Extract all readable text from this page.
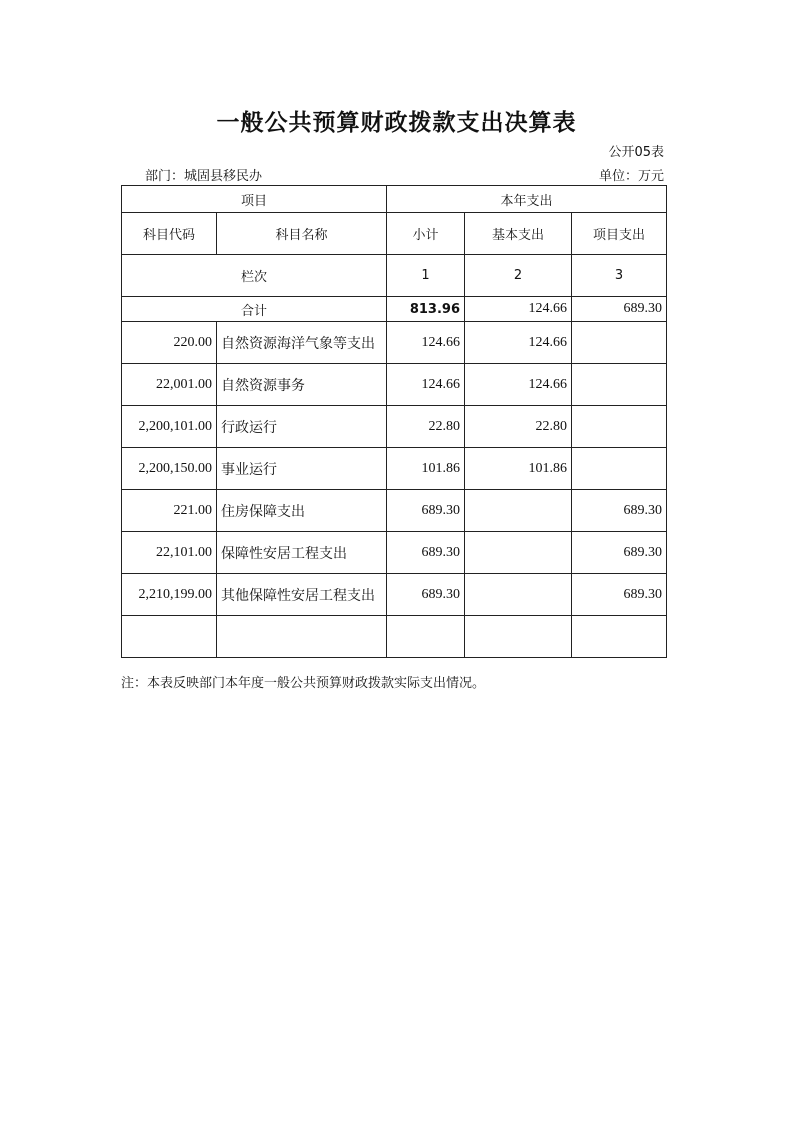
一般公共预算财政拨款支出决算表
公开05表
部门：城固县移民办	单位：万元
项目		本年支出		
科目代码	科目名称	小计	基本支出	项目支出
栏次		1	2	3
合计		813.96	124.66	689.30
220.00	自然资源海洋气象等支出	124.66	124.66	
22,001.00	自然资源事务	124.66	124.66	
2,200,101.00	行政运行	22.80	22.80	
2,200,150.00	事业运行	101.86	101.86	
221.00	住房保障支出	689.30		689.30
22,101.00	保障性安居工程支出	689.30		689.30
2,210,199.00	其他保障性安居工程支出	689.30		689.30

注：本表反映部门本年度一般公共预算财政拨款实际支出情况。
